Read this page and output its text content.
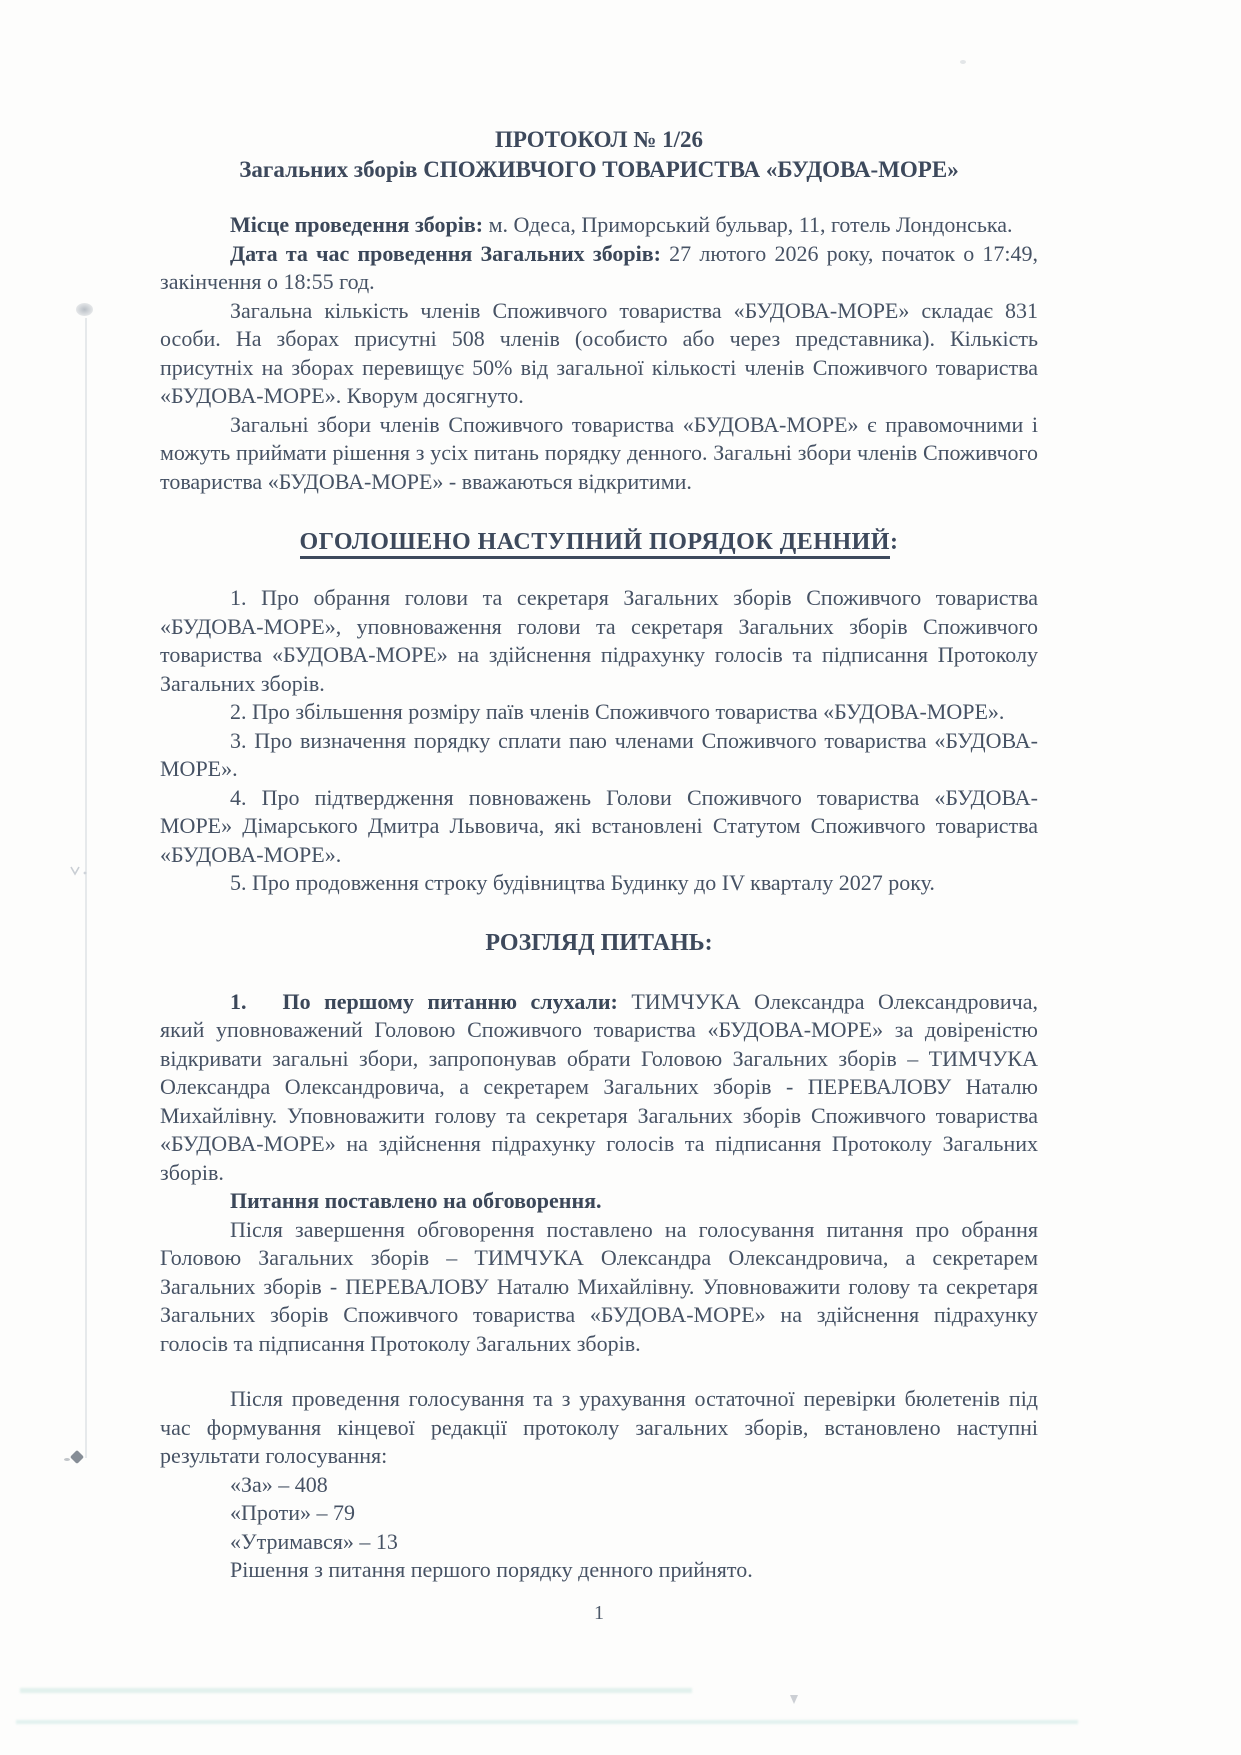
ПРОТОКОЛ № 1/26
Загальних зборів СПОЖИВЧОГО ТОВАРИСТВА «БУДОВА-МОРЕ»

Місце проведення зборів: м. Одеса, Приморський бульвар, 11, готель Лондонська.

Дата та час проведення Загальних зборів: 27 лютого 2026 року, початок о 17:49, закінчення о 18:55 год.

Загальна кількість членів Споживчого товариства «БУДОВА-МОРЕ» складає 831 особи. На зборах присутні 508 членів (особисто або через представника). Кількість присутніх на зборах перевищує 50% від загальної кількості членів Споживчого товариства «БУДОВА-МОРЕ». Кворум досягнуто.

Загальні збори членів Споживчого товариства «БУДОВА-МОРЕ» є правомочними і можуть приймати рішення з усіх питань порядку денного. Загальні збори членів Споживчого товариства «БУДОВА-МОРЕ» - вважаються відкритими.

ОГОЛОШЕНО НАСТУПНИЙ ПОРЯДОК ДЕННИЙ:

1. Про обрання голови та секретаря Загальних зборів Споживчого товариства «БУДОВА-МОРЕ», уповноваження голови та секретаря Загальних зборів Споживчого товариства «БУДОВА-МОРЕ» на здійснення підрахунку голосів та підписання Протоколу Загальних зборів.

2. Про збільшення розміру паїв членів Споживчого товариства «БУДОВА-МОРЕ».

3. Про визначення порядку сплати паю членами Споживчого товариства «БУДОВА-МОРЕ».

4. Про підтвердження повноважень Голови Споживчого товариства «БУДОВА-МОРЕ» Дімарського Дмитра Львовича, які встановлені Статутом Споживчого товариства «БУДОВА-МОРЕ».

5. Про продовження строку будівництва Будинку до IV кварталу 2027 року.

РОЗГЛЯД ПИТАНЬ:

1. По першому питанню слухали: ТИМЧУКА Олександра Олександровича, який уповноважений Головою Споживчого товариства «БУДОВА-МОРЕ» за довіреністю відкривати загальні збори, запропонував обрати Головою Загальних зборів – ТИМЧУКА Олександра Олександровича, а секретарем Загальних зборів - ПЕРЕВАЛОВУ Наталю Михайлівну. Уповноважити голову та секретаря Загальних зборів Споживчого товариства «БУДОВА-МОРЕ» на здійснення підрахунку голосів та підписання Протоколу Загальних зборів.

Питання поставлено на обговорення.

Після завершення обговорення поставлено на голосування питання про обрання Головою Загальних зборів – ТИМЧУКА Олександра Олександровича, а секретарем Загальних зборів - ПЕРЕВАЛОВУ Наталю Михайлівну. Уповноважити голову та секретаря Загальних зборів Споживчого товариства «БУДОВА-МОРЕ» на здійснення підрахунку голосів та підписання Протоколу Загальних зборів.

Після проведення голосування та з урахування остаточної перевірки бюлетенів під час формування кінцевої редакції протоколу загальних зборів, встановлено наступні результати голосування:

«За» – 408
«Проти» – 79
«Утримався» – 13
Рішення з питання першого порядку денного прийнято.
1
